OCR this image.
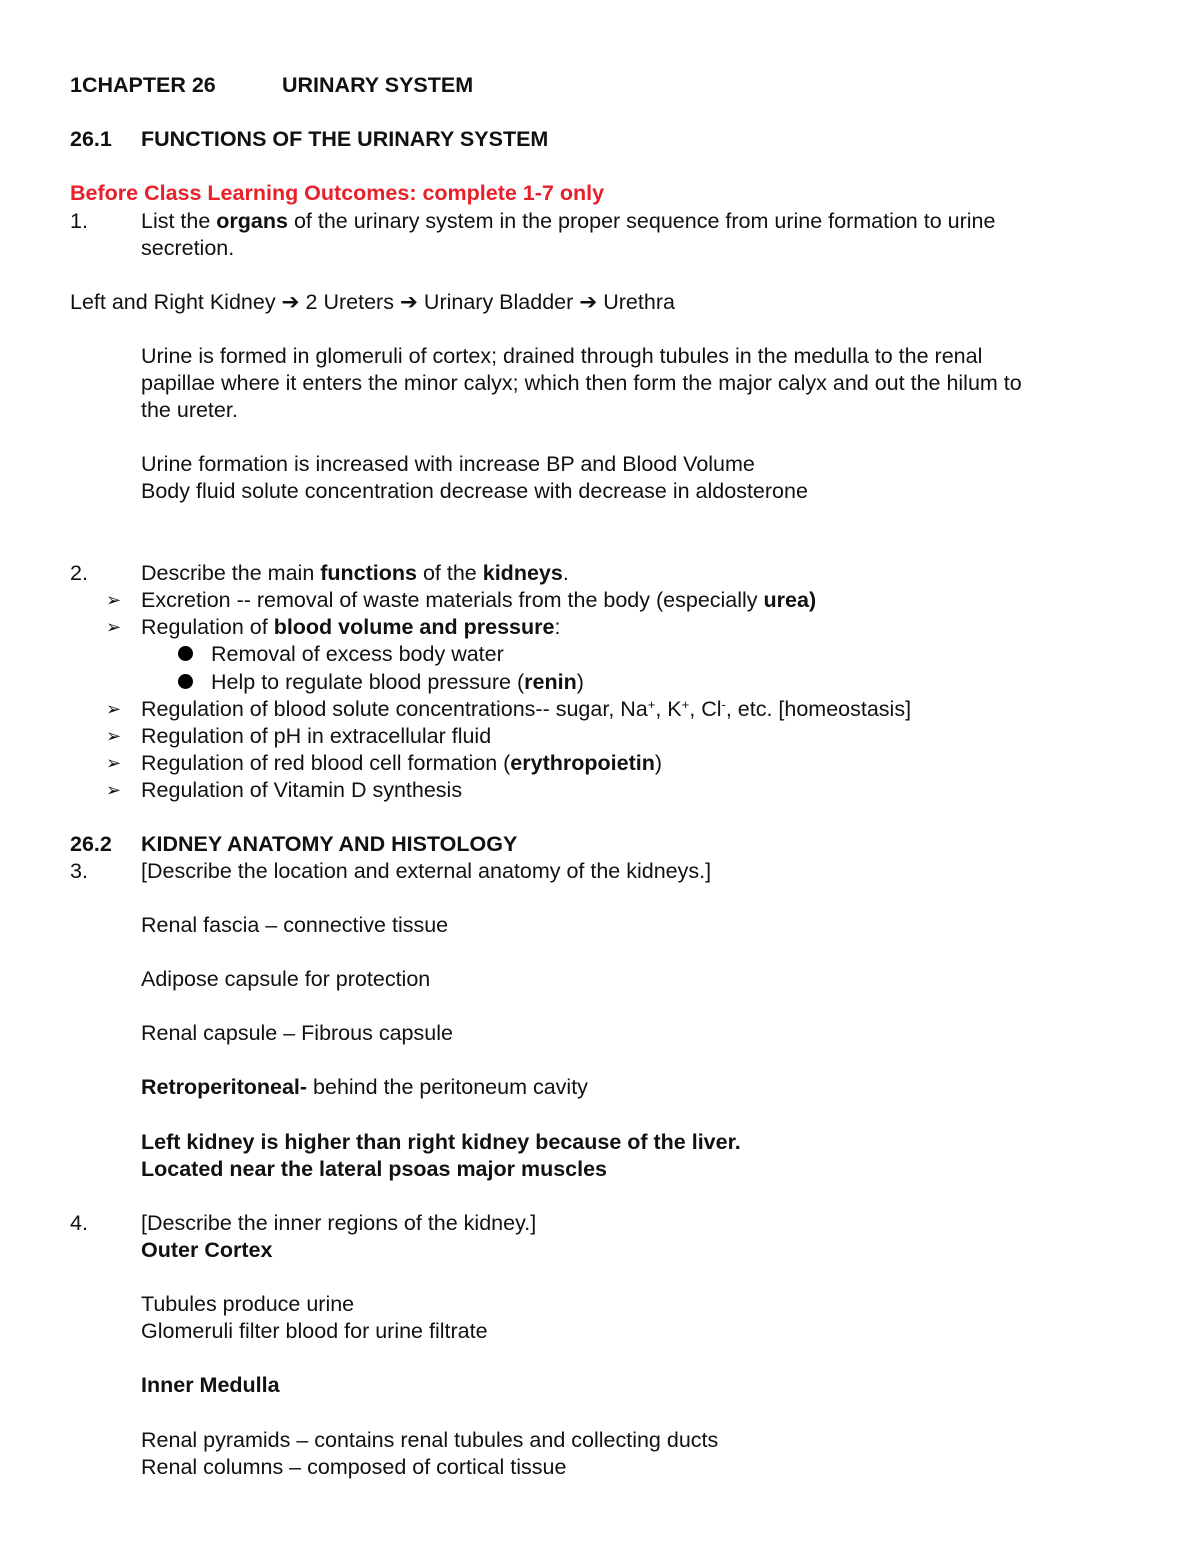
1CHAPTER 26	URINARY SYSTEM
26.1 FUNCTIONS OF THE URINARY SYSTEM
Before Class Learning Outcomes: complete 1-7 only
1. List the organs of the urinary system in the proper sequence from urine formation to urine
secretion.
Left and Right Kidney ➔ 2 Ureters ➔ Urinary Bladder ➔ Urethra
Urine is formed in glomeruli of cortex; drained through tubules in the medulla to the renal
papillae where it enters the minor calyx; which then form the major calyx and out the hilum to
the ureter.
Urine formation is increased with increase BP and Blood Volume
Body fluid solute concentration decrease with decrease in aldosterone
2. Describe the main functions of the kidneys.
➢ Excretion -- removal of waste materials from the body (especially urea)
➢ Regulation of blood volume and pressure:
Removal of excess body water
Help to regulate blood pressure (renin)
➢ Regulation of blood solute concentrations-- sugar, Na+, K+, Cl-, etc. [homeostasis]
➢ Regulation of pH in extracellular fluid
➢ Regulation of red blood cell formation (erythropoietin)
➢ Regulation of Vitamin D synthesis
26.2 KIDNEY ANATOMY AND HISTOLOGY
3. [Describe the location and external anatomy of the kidneys.]
Renal fascia – connective tissue
Adipose capsule for protection
Renal capsule – Fibrous capsule
Retroperitoneal- behind the peritoneum cavity
Left kidney is higher than right kidney because of the liver.
Located near the lateral psoas major muscles
4. [Describe the inner regions of the kidney.]
Outer Cortex
Tubules produce urine
Glomeruli filter blood for urine filtrate
Inner Medulla
Renal pyramids – contains renal tubules and collecting ducts
Renal columns – composed of cortical tissue
